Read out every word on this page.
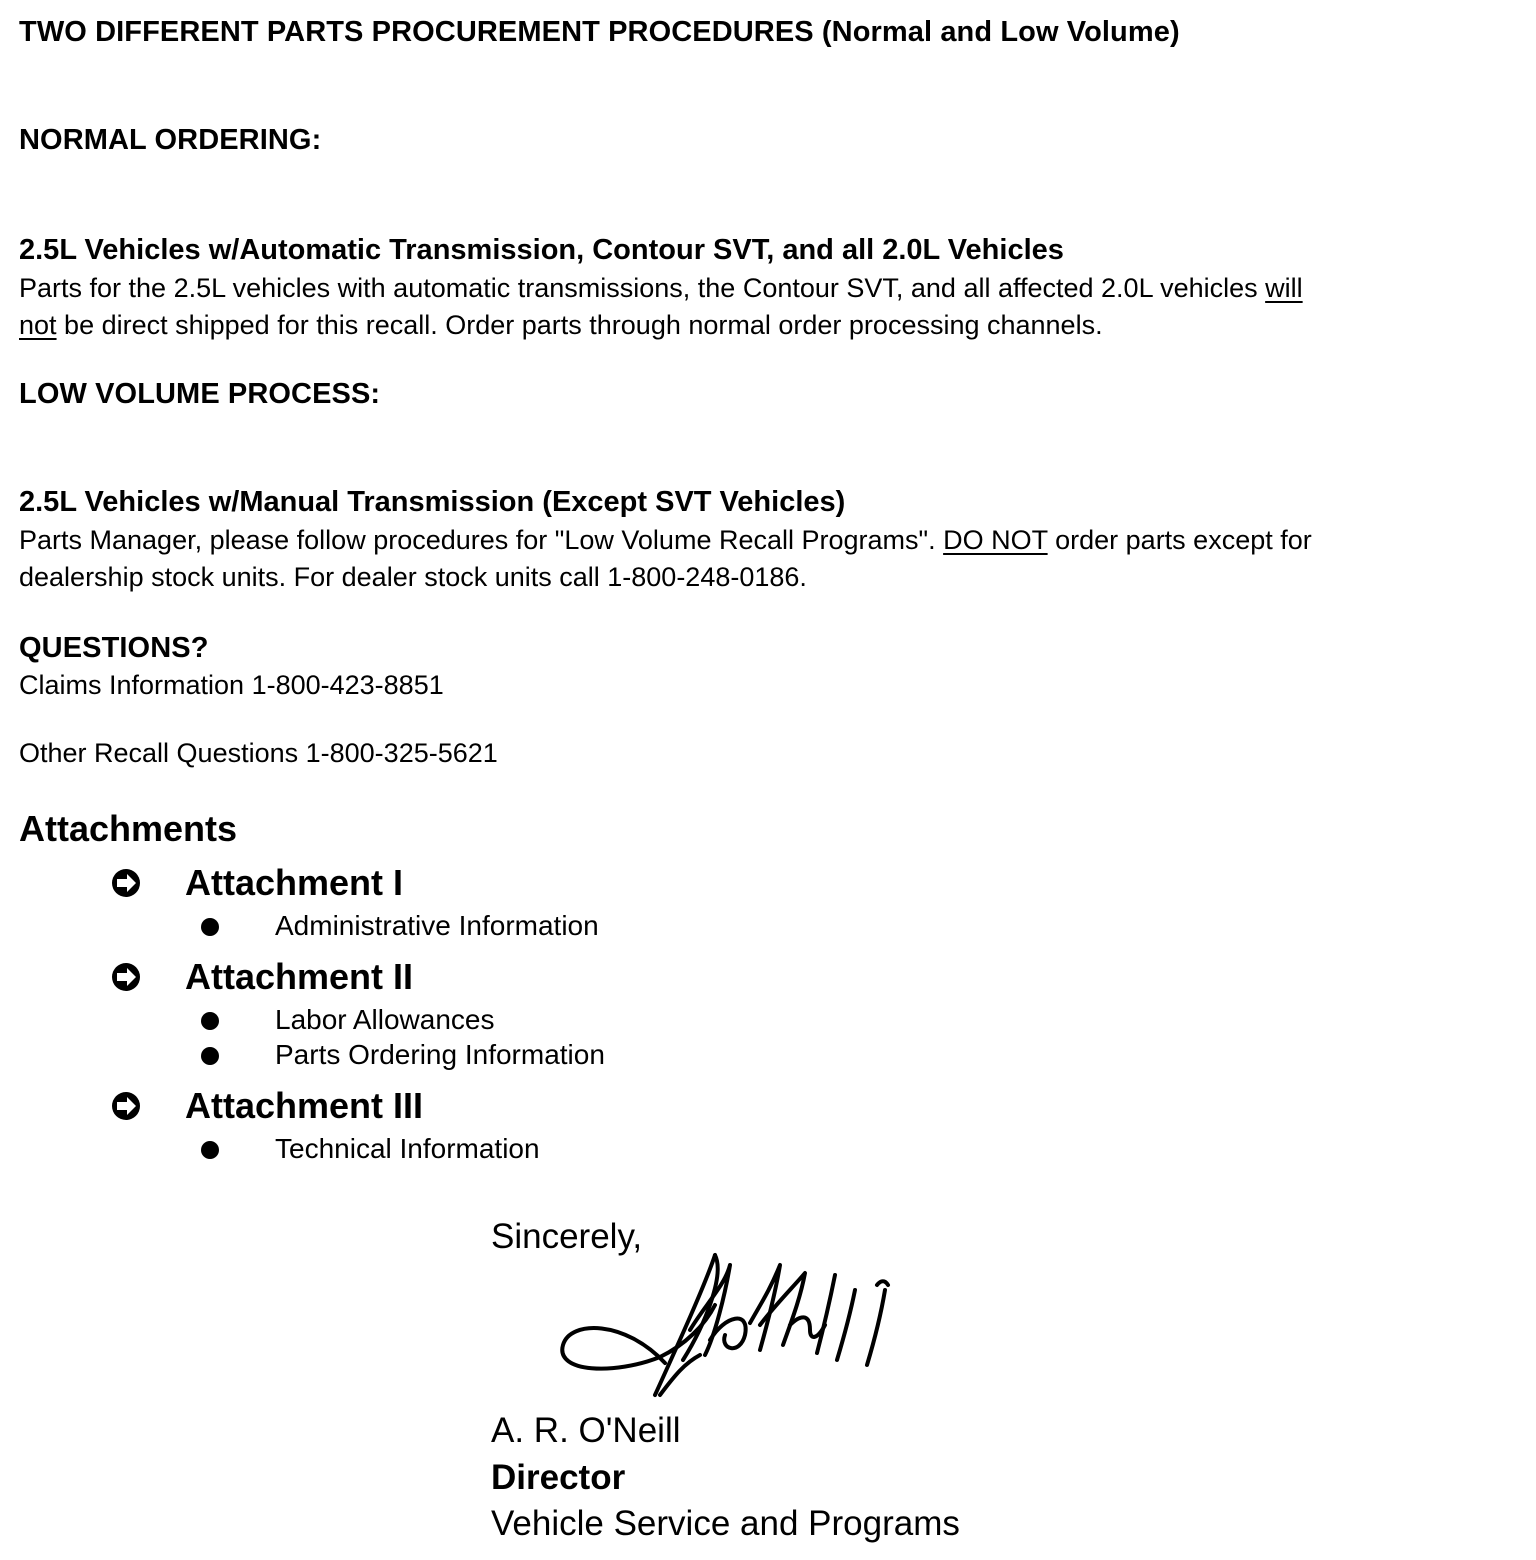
TWO DIFFERENT PARTS PROCUREMENT PROCEDURES (Normal and Low Volume)
NORMAL ORDERING:
2.5L Vehicles w/Automatic Transmission, Contour SVT, and all 2.0L Vehicles
Parts for the 2.5L vehicles with automatic transmissions, the Contour SVT, and all affected 2.0L vehicles will
not be direct shipped for this recall. Order parts through normal order processing channels.
LOW VOLUME PROCESS:
2.5L Vehicles w/Manual Transmission (Except SVT Vehicles)
Parts Manager, please follow procedures for "Low Volume Recall Programs". DO NOT order parts except for
dealership stock units. For dealer stock units call 1-800-248-0186.
QUESTIONS?
Claims Information 1-800-423-8851
Other Recall Questions 1-800-325-5621
Attachments
Attachment I
Administrative Information
Attachment II
Labor Allowances
Parts Ordering Information
Attachment III
Technical Information
Sincerely,
A. R. O'Neill
Director
Vehicle Service and Programs
